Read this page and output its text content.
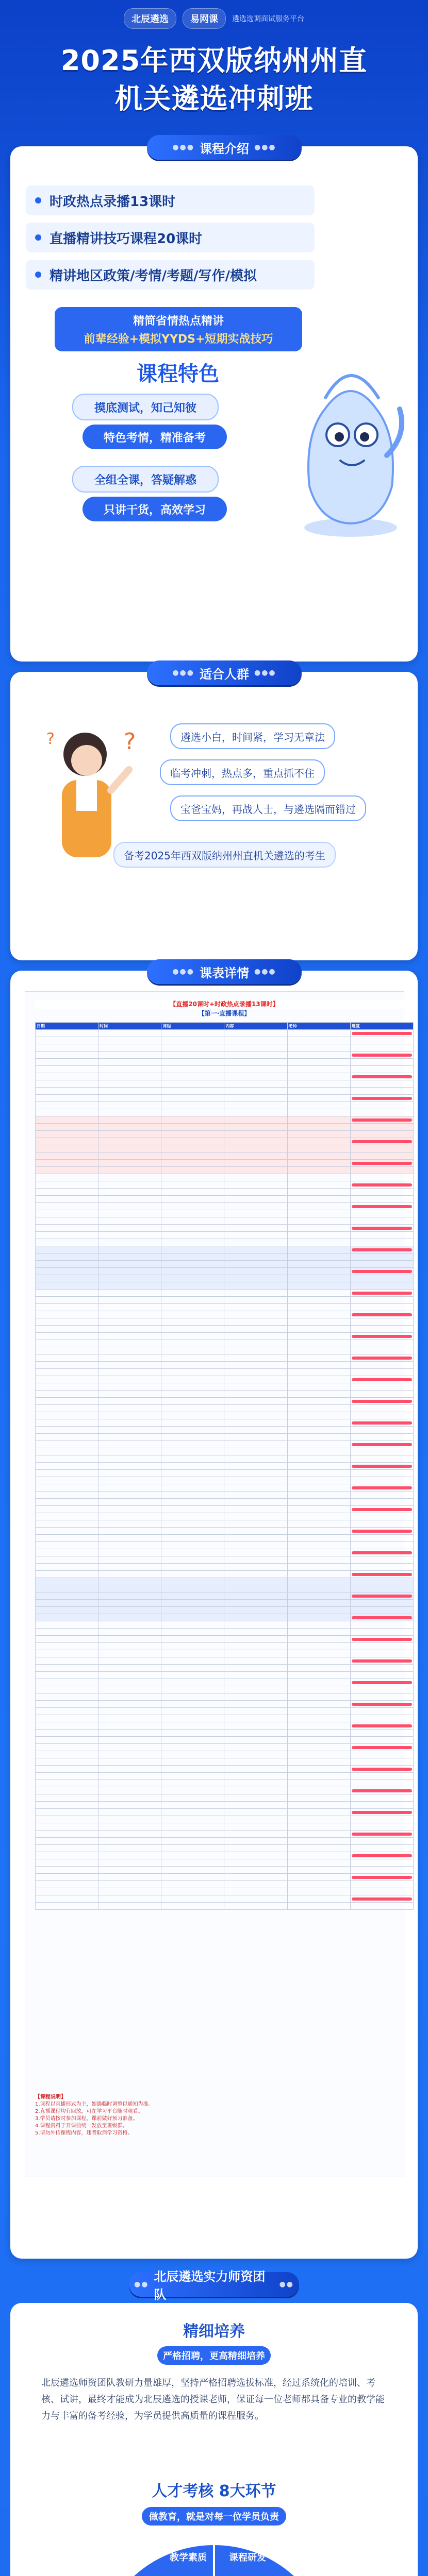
北辰遴选	易网课	遴选选调面试服务平台
2025年西双版纳州州直
机关遴选冲刺班
●●● 课程介绍 ●●●
时政热点录播13课时
直播精讲技巧课程20课时
精讲地区政策/考情/考题/写作/模拟
精简省情热点精讲
前辈经验+模拟YYDS+短期实战技巧
课程特色
摸底测试，知己知彼
特色考情，精准备考
全组全课，答疑解惑
只讲干货，高效学习
●●● 适合人群 ●●●
?
?	遴选小白，时间紧，学习无章法
临考冲刺，热点多，重点抓不住
宝爸宝妈，再战人士，与遴选隔而错过
备考2025年西双版纳州州直机关遴选的考生
●●● 课表详情 ●●●
【直播20课时+时政热点录播13课时】
【第一·直播课程】
日期	时间	课程	内容	老师	进度

【课程说明】
1.课程以直播形式为主，如遇临时调整以通知为准。
2.直播课程均有回放，可在学习平台随时观看。
3.学员请按时参加课程，课前做好预习准备。
4.课程资料于开课前统一发放至班级群。
5.请勿外传课程内容，违者取消学习资格。
●●
北辰遴选实力师资团队
●●
精细培养
严格招聘，更高精细培养
北辰遴选师资团队教研力量雄厚，坚持严格招聘选拔标准，经过系统化的培训、考核、试讲，最终才能成为北辰遴选的授课老师，保证每一位老师都具备专业的教学能力与丰富的备考经验，为学员提供高质量的课程服务。
人才考核 8大环节
做教育，就是对每一位学员负责
教学素质 课程研发
